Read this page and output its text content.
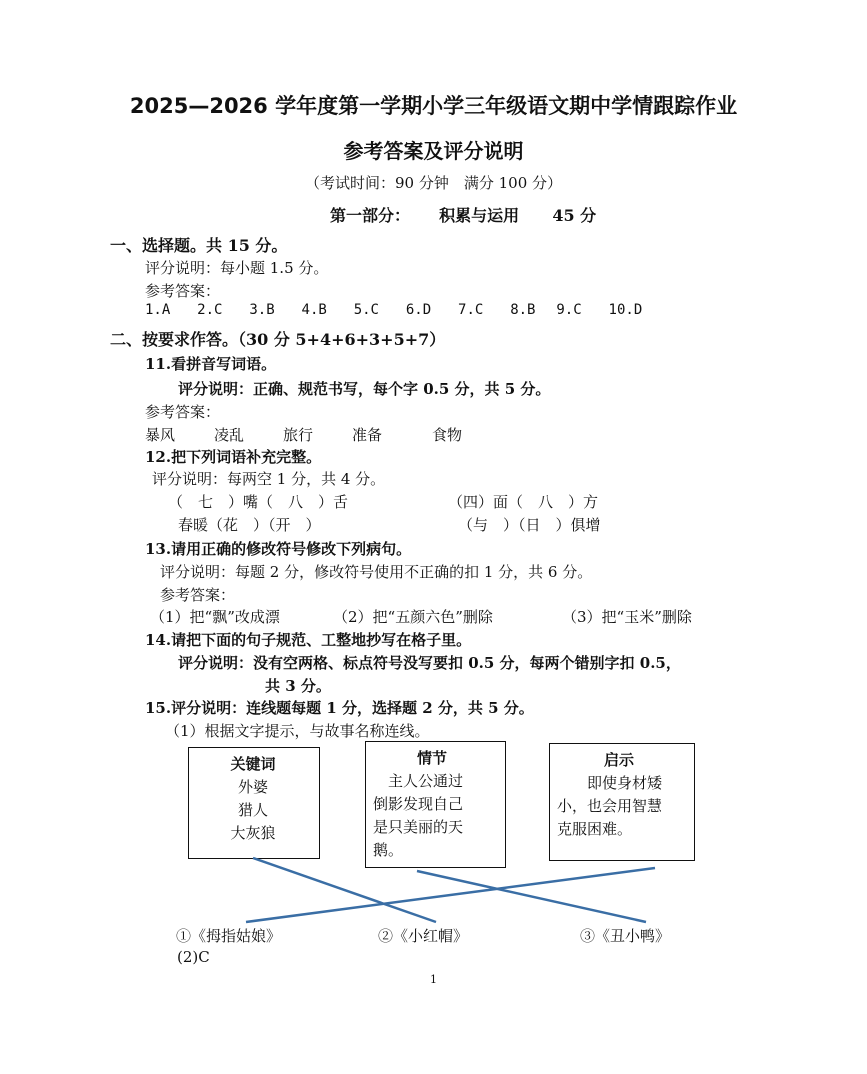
2025—2026 学年度第一学期小学三年级语文期中学情跟踪作业
参考答案及评分说明
（考试时间：90 分钟　满分 100 分）
第一部分： 积累与运用 45 分
一、选择题。共 15 分。
评分说明：每小题 1.5 分。
参考答案：
1.A 2.C 3.B 4.B 5.C 6.D 7.C 8.B 9.C 10.D
二、按要求作答。（30 分 5+4+6+3+5+7）
11.看拼音写词语。
评分说明：正确、规范书写，每个字 0.5 分，共 5 分。
参考答案：
暴风	凌乱	旅行	准备	食物
12.把下列词语补充完整。
评分说明：每两空 1 分，共 4 分。
（　七　）嘴（　八　）舌	（四）面（　八　）方
春暖（花　）（开　）	（与　）（日　）俱增
13.请用正确的修改符号修改下列病句。
评分说明：每题 2 分，修改符号使用不正确的扣 1 分，共 6 分。
参考答案：
（1）把“飘”改成漂	（2）把“五颜六色”删除	（3）把“玉米”删除
14.请把下面的句子规范、工整地抄写在格子里。
评分说明：没有空两格、标点符号没写要扣 0.5 分，每两个错别字扣 0.5，
共 3 分。
15.评分说明：连线题每题 1 分，选择题 2 分，共 5 分。
（1）根据文字提示，与故事名称连线。
关键词
外婆
猎人
大灰狼
情节
　主人公通过
倒影发现自己
是只美丽的天
鹅。
启示
　　即使身材矮
小，也会用智慧
克服困难。
①《拇指姑娘》	②《小红帽》	③《丑小鸭》
(2)C
1
